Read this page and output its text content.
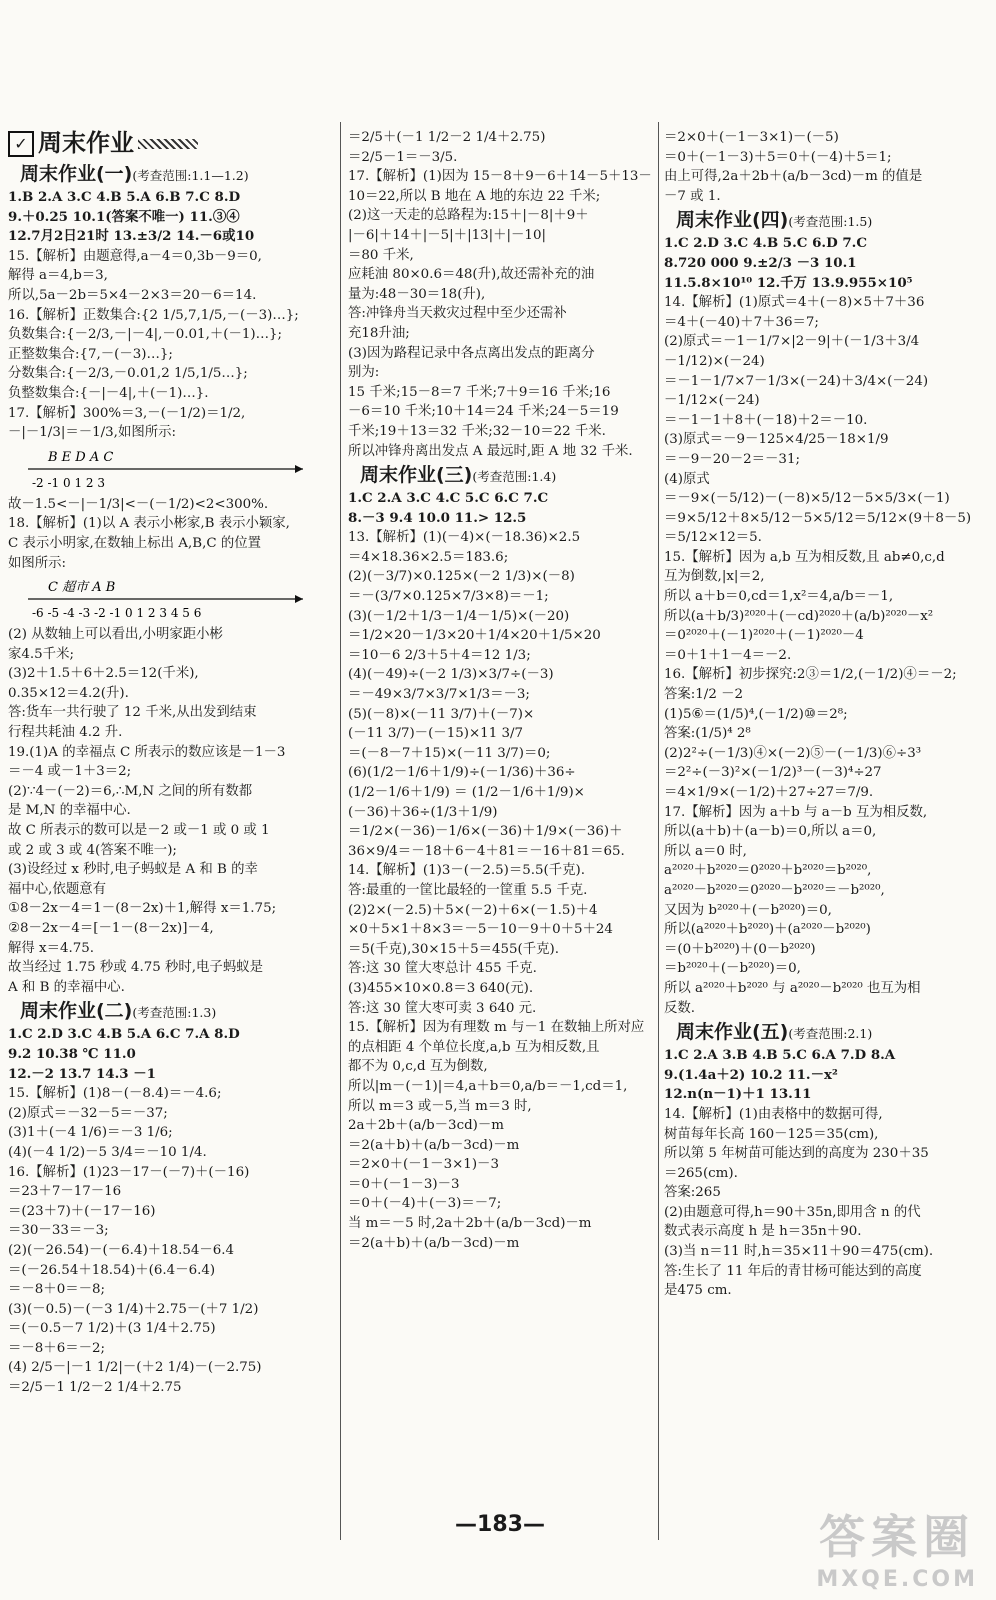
✓ 周末作业
周末作业(一)(考查范围:1.1—1.2)
1.B 2.A 3.C 4.B 5.A 6.B 7.C 8.D
9.＋0.25 10.1(答案不唯一) 11.③④
12.7月2日21时 13.±3/2 14.－6或10
15.【解析】由题意得,a－4＝0,3b－9＝0,
解得 a＝4,b＝3,
所以,5a－2b＝5×4－2×3＝20－6＝14.
16.【解析】正数集合:{2 1/5,7,1/5,－(－3)…};
负数集合:{－2/3,－|－4|,－0.01,＋(－1)…};
正整数集合:{7,－(－3)…};
分数集合:{－2/3,－0.01,2 1/5,1/5…};
负整数集合:{－|－4|,＋(－1)…}.
17.【解析】300%＝3,－(－1/2)＝1/2,
－|－1/3|＝－1/3,如图所示:
B E D A C
-2 -1 0 1 2 3
故－1.5<－|－1/3|<－(－1/2)<2<300%.
18.【解析】(1)以 A 表示小彬家,B 表示小颖家,
C 表示小明家,在数轴上标出 A,B,C 的位置
如图所示:
C 超市 A B
-6 -5 -4 -3 -2 -1 0 1 2 3 4 5 6
(2) 从数轴上可以看出,小明家距小彬
家4.5千米;
(3)2＋1.5＋6＋2.5＝12(千米),
0.35×12＝4.2(升).
答:货车一共行驶了 12 千米,从出发到结束
行程共耗油 4.2 升.
19.(1)A 的幸福点 C 所表示的数应该是－1－3
＝－4 或－1＋3＝2;
(2)∵4－(－2)＝6,∴M,N 之间的所有数都
是 M,N 的幸福中心.
故 C 所表示的数可以是－2 或－1 或 0 或 1
或 2 或 3 或 4(答案不唯一);
(3)设经过 x 秒时,电子蚂蚁是 A 和 B 的幸
福中心,依题意有
①8－2x－4＝1－(8－2x)＋1,解得 x＝1.75;
②8－2x－4＝[－1－(8－2x)]－4,
解得 x＝4.75.
故当经过 1.75 秒或 4.75 秒时,电子蚂蚁是
A 和 B 的幸福中心.
周末作业(二)(考查范围:1.3)
1.C 2.D 3.C 4.B 5.A 6.C 7.A 8.D
9.2 10.38 ℃ 11.0
12.－2 13.7 14.3 －1
15.【解析】(1)8－(－8.4)＝－4.6;
(2)原式＝－32－5＝－37;
(3)1＋(－4 1/6)＝－3 1/6;
(4)(－4 1/2)－5 3/4＝－10 1/4.
16.【解析】(1)23－17－(－7)＋(－16)
＝23＋7－17－16
＝(23＋7)＋(－17－16)
＝30－33＝－3;
(2)(－26.54)－(－6.4)＋18.54－6.4
＝(－26.54＋18.54)＋(6.4－6.4)
＝－8＋0＝－8;
(3)(－0.5)－(－3 1/4)＋2.75－(＋7 1/2)
＝(－0.5－7 1/2)＋(3 1/4＋2.75)
＝－8＋6＝－2;
(4) 2/5－|－1 1/2|－(＋2 1/4)－(－2.75)
＝2/5－1 1/2－2 1/4＋2.75
＝2/5＋(－1 1/2－2 1/4＋2.75)
＝2/5－1＝－3/5.
17.【解析】(1)因为 15－8＋9－6＋14－5＋13－
10＝22,所以 B 地在 A 地的东边 22 千米;
(2)这一天走的总路程为:15＋|－8|＋9＋
|－6|＋14＋|－5|＋|13|＋|－10|
＝80 千米,
应耗油 80×0.6＝48(升),故还需补充的油
量为:48－30＝18(升),
答:冲锋舟当天救灾过程中至少还需补
充18升油;
(3)因为路程记录中各点离出发点的距离分
别为:
15 千米;15－8＝7 千米;7＋9＝16 千米;16
－6＝10 千米;10＋14＝24 千米;24－5＝19
千米;19＋13＝32 千米;32－10＝22 千米.
所以冲锋舟离出发点 A 最远时,距 A 地 32 千米.
周末作业(三)(考查范围:1.4)
1.C 2.A 3.C 4.C 5.C 6.C 7.C
8.－3 9.4 10.0 11.> 12.5
13.【解析】(1)(－4)×(－18.36)×2.5
＝4×18.36×2.5＝183.6;
(2)(－3/7)×0.125×(－2 1/3)×(－8)
＝－(3/7×0.125×7/3×8)＝－1;
(3)(－1/2＋1/3－1/4－1/5)×(－20)
＝1/2×20－1/3×20＋1/4×20＋1/5×20
＝10－6 2/3＋5＋4＝12 1/3;
(4)(－49)÷(－2 1/3)×3/7÷(－3)
＝－49×3/7×3/7×1/3＝－3;
(5)(－8)×(－11 3/7)＋(－7)×
(－11 3/7)－(－15)×11 3/7
＝(－8－7＋15)×(－11 3/7)＝0;
(6)(1/2－1/6＋1/9)÷(－1/36)＋36÷
(1/2－1/6＋1/9) ＝ (1/2－1/6＋1/9)×
(－36)＋36÷(1/3＋1/9)
＝1/2×(－36)－1/6×(－36)＋1/9×(－36)＋
36×9/4＝－18＋6－4＋81＝－16＋81＝65.
14.【解析】(1)3－(－2.5)＝5.5(千克).
答:最重的一筐比最轻的一筐重 5.5 千克.
(2)2×(－2.5)＋5×(－2)＋6×(－1.5)＋4
×0＋5×1＋8×3＝－5－10－9＋0＋5＋24
＝5(千克),30×15＋5＝455(千克).
答:这 30 筐大枣总计 455 千克.
(3)455×10×0.8＝3 640(元).
答:这 30 筐大枣可卖 3 640 元.
15.【解析】因为有理数 m 与－1 在数轴上所对应
的点相距 4 个单位长度,a,b 互为相反数,且
都不为 0,c,d 互为倒数,
所以|m－(－1)|＝4,a＋b＝0,a/b＝－1,cd＝1,
所以 m＝3 或－5,当 m＝3 时,
2a＋2b＋(a/b－3cd)－m
＝2(a＋b)＋(a/b－3cd)－m
＝2×0＋(－1－3×1)－3
＝0＋(－1－3)－3
＝0＋(－4)＋(－3)＝－7;
当 m＝－5 时,2a＋2b＋(a/b－3cd)－m
＝2(a＋b)＋(a/b－3cd)－m
＝2×0＋(－1－3×1)－(－5)
＝0＋(－1－3)＋5＝0＋(－4)＋5＝1;
由上可得,2a＋2b＋(a/b－3cd)－m 的值是
－7 或 1.
周末作业(四)(考查范围:1.5)
1.C 2.D 3.C 4.B 5.C 6.D 7.C
8.720 000 9.±2/3 －3 10.1
11.5.8×10¹⁰ 12.千万 13.9.955×10⁵
14.【解析】(1)原式＝4＋(－8)×5＋7＋36
＝4＋(－40)＋7＋36＝7;
(2)原式＝－1－1/7×|2－9|＋(－1/3＋3/4
－1/12)×(－24)
＝－1－1/7×7－1/3×(－24)＋3/4×(－24)
－1/12×(－24)
＝－1－1＋8＋(－18)＋2＝－10.
(3)原式＝－9－125×4/25－18×1/9
＝－9－20－2＝－31;
(4)原式
＝－9×(－5/12)－(－8)×5/12－5×5/3×(－1)
＝9×5/12＋8×5/12－5×5/12＝5/12×(9＋8－5)
＝5/12×12＝5.
15.【解析】因为 a,b 互为相反数,且 ab≠0,c,d
互为倒数,|x|＝2,
所以 a＋b＝0,cd＝1,x²＝4,a/b＝－1,
所以(a＋b/3)²⁰²⁰＋(－cd)²⁰²⁰＋(a/b)²⁰²⁰－x²
＝0²⁰²⁰＋(－1)²⁰²⁰＋(－1)²⁰²⁰－4
＝0＋1＋1－4＝－2.
16.【解析】初步探究:2③＝1/2,(－1/2)④＝－2;
答案:1/2 －2
(1)5⑥＝(1/5)⁴,(－1/2)⑩＝2⁸;
答案:(1/5)⁴ 2⁸
(2)2²÷(－1/3)④×(－2)⑤－(－1/3)⑥÷3³
＝2²÷(－3)²×(－1/2)³－(－3)⁴÷27
＝4×1/9×(－1/2)＋27÷27＝7/9.
17.【解析】因为 a＋b 与 a－b 互为相反数,
所以(a＋b)＋(a－b)＝0,所以 a＝0,
所以 a＝0 时,
a²⁰²⁰＋b²⁰²⁰＝0²⁰²⁰＋b²⁰²⁰＝b²⁰²⁰,
a²⁰²⁰－b²⁰²⁰＝0²⁰²⁰－b²⁰²⁰＝－b²⁰²⁰,
又因为 b²⁰²⁰＋(－b²⁰²⁰)＝0,
所以(a²⁰²⁰＋b²⁰²⁰)＋(a²⁰²⁰－b²⁰²⁰)
＝(0＋b²⁰²⁰)＋(0－b²⁰²⁰)
＝b²⁰²⁰＋(－b²⁰²⁰)＝0,
所以 a²⁰²⁰＋b²⁰²⁰ 与 a²⁰²⁰－b²⁰²⁰ 也互为相
反数.
周末作业(五)(考查范围:2.1)
1.C 2.A 3.B 4.B 5.C 6.A 7.D 8.A
9.(1.4a＋2) 10.2 11.－x²
12.n(n－1)＋1 13.11
14.【解析】(1)由表格中的数据可得,
树苗每年长高 160－125＝35(cm),
所以第 5 年树苗可能达到的高度为 230＋35
＝265(cm).
答案:265
(2)由题意可得,h＝90＋35n,即用含 n 的代
数式表示高度 h 是 h＝35n＋90.
(3)当 n＝11 时,h＝35×11＋90＝475(cm).
答:生长了 11 年后的青甘杨可能达到的高度
是475 cm.
—183—	答案圈
MXQE.COM
